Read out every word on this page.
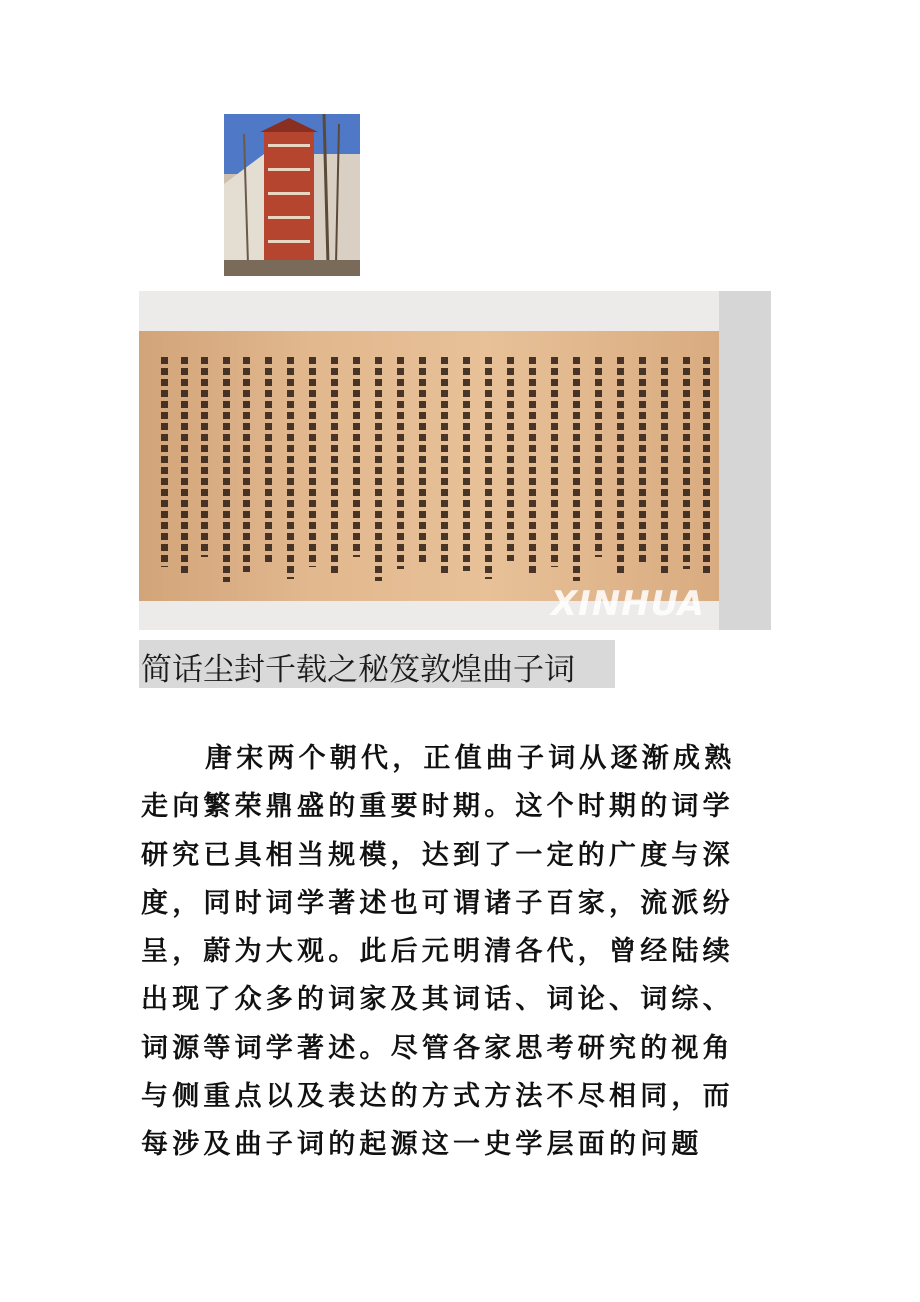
XINHUA
简话尘封千载之秘笈敦煌曲子词
唐宋两个朝代，正值曲子词从逐渐成熟
走向繁荣鼎盛的重要时期。这个时期的词学
研究已具相当规模，达到了一定的广度与深
度，同时词学著述也可谓诸子百家，流派纷
呈，蔚为大观。此后元明清各代，曾经陆续
出现了众多的词家及其词话、词论、词综、
词源等词学著述。尽管各家思考研究的视角
与侧重点以及表达的方式方法不尽相同，而
每涉及曲子词的起源这一史学层面的问题
